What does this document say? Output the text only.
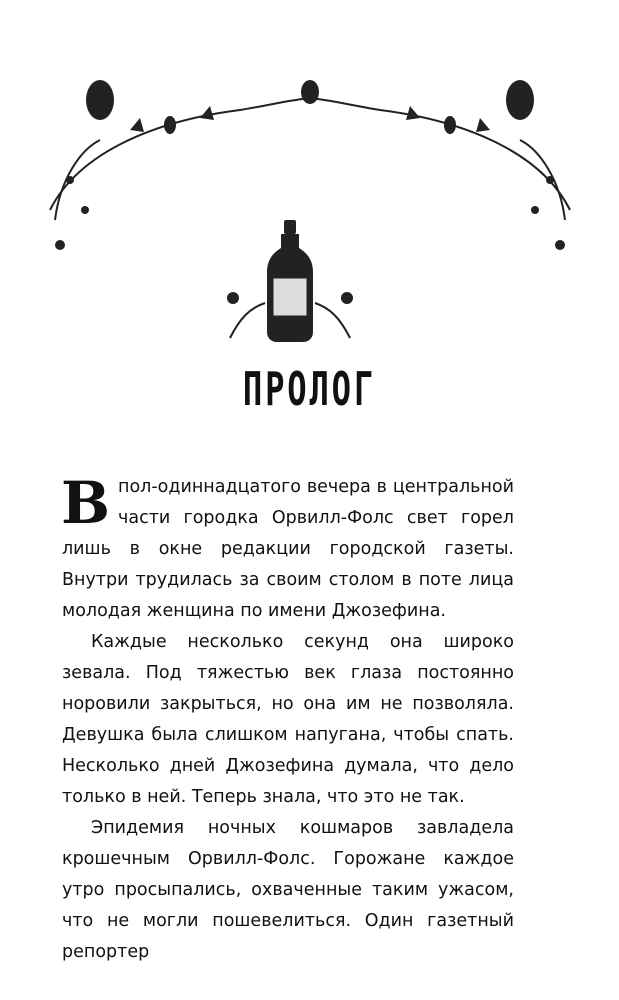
ПРОЛОГ

Впол-одиннадцатого вечера в центральной части городка Орвилл-Фолс свет горел лишь в окне редакции городской газеты. Внутри трудилась за своим столом в поте лица молодая женщина по имени Джозефина.

Каждые несколько секунд она широко зевала. Под тяжестью век глаза постоянно норовили закрыться, но она им не позволяла. Девушка была слишком напугана, чтобы спать. Несколько дней Джозефина думала, что дело только в ней. Теперь знала, что это не так.

Эпидемия ночных кошмаров завладела крошечным Орвилл-Фолс. Горожане каждое утро просыпались, охваченные таким ужасом, что не могли пошевелиться. Один газетный репортер
